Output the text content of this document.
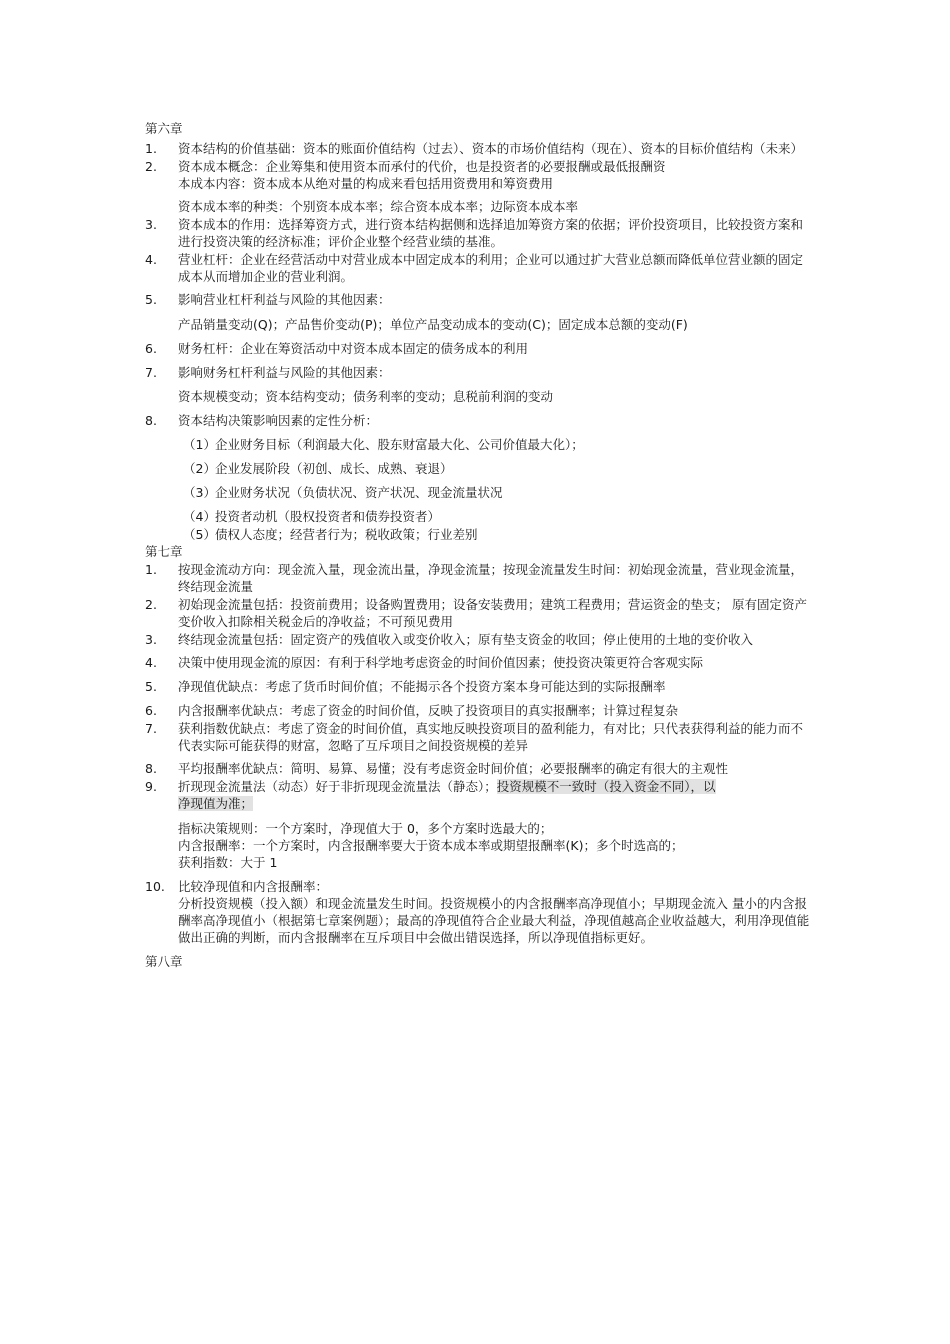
第六章
1.	资本结构的价值基础：资本的账面价值结构（过去）、资本的市场价值结构（现在）、资本的目标价值结构（未来）
2.	资本成本概念：企业筹集和使用资本而承付的代价，也是投资者的必要报酬或最低报酬资
本成本内容：资本成本从绝对量的构成来看包括用资费用和筹资费用
资本成本率的种类：个别资本成本率；综合资本成本率；边际资本成本率
3.	资本成本的作用：选择筹资方式，进行资本结构据侧和选择追加筹资方案的依据；评价投资项目，比较投资方案和进行投资决策的经济标准；评价企业整个经营业绩的基准。
4.	营业杠杆：企业在经营活动中对营业成本中固定成本的利用；企业可以通过扩大营业总额而降低单位营业额的固定成本从而增加企业的营业利润。
5.	影响营业杠杆利益与风险的其他因素：
产品销量变动(Q)；产品售价变动(P)；单位产品变动成本的变动(C)；固定成本总额的变动(F)
6.	财务杠杆：企业在筹资活动中对资本成本固定的债务成本的利用
7.	影响财务杠杆利益与风险的其他因素：
资本规模变动；资本结构变动；债务利率的变动；息税前利润的变动
8.	资本结构决策影响因素的定性分析：
（1） 企业财务目标（利润最大化、股东财富最大化、公司价值最大化）；
（2） 企业发展阶段（初创、成长、成熟、衰退）
（3） 企业财务状况（负债状况、资产状况、现金流量状况
（4） 投资者动机（股权投资者和债券投资者）
（5） 债权人态度；经营者行为；税收政策；行业差别
第七章
1.	按现金流动方向：现金流入量，现金流出量，净现金流量；按现金流量发生时间：初始现金流量，营业现金流量，终结现金流量
2.	初始现金流量包括：投资前费用；设备购置费用；设备安装费用；建筑工程费用；营运资金的垫支； 原有固定资产变价收入扣除相关税金后的净收益；不可预见费用
3.	终结现金流量包括：固定资产的残值收入或变价收入；原有垫支资金的收回；停止使用的土地的变价收入
4.	决策中使用现金流的原因：有利于科学地考虑资金的时间价值因素；使投资决策更符合客观实际
5.	净现值优缺点：考虑了货币时间价值；不能揭示各个投资方案本身可能达到的实际报酬率
6.	内含报酬率优缺点：考虑了资金的时间价值，反映了投资项目的真实报酬率；计算过程复杂
7.	获利指数优缺点：考虑了资金的时间价值，真实地反映投资项目的盈利能力，有对比；只代表获得利益的能力而不代表实际可能获得的财富，忽略了互斥项目之间投资规模的差异
8.	平均报酬率优缺点：简明、易算、易懂；没有考虑资金时间价值；必要报酬率的确定有很大的主观性
9.	折现现金流量法（动态）好于非折现现金流量法（静态）；投资规模不一致时（投入资金不同），以
净现值为准；
指标决策规则：一个方案时，净现值大于 0，多个方案时选最大的；
内含报酬率：一个方案时，内含报酬率要大于资本成本率或期望报酬率(K)；多个时选高的；
获利指数：大于 1
10.	比较净现值和内含报酬率：
分析投资规模（投入额）和现金流量发生时间。投资规模小的内含报酬率高净现值小；早期现金流入 量小的内含报酬率高净现值小（根据第七章案例题）；最高的净现值符合企业最大利益，净现值越高企业收益越大，利用净现值能做出正确的判断，而内含报酬率在互斥项目中会做出错误选择，所以净现值指标更好。
第八章
